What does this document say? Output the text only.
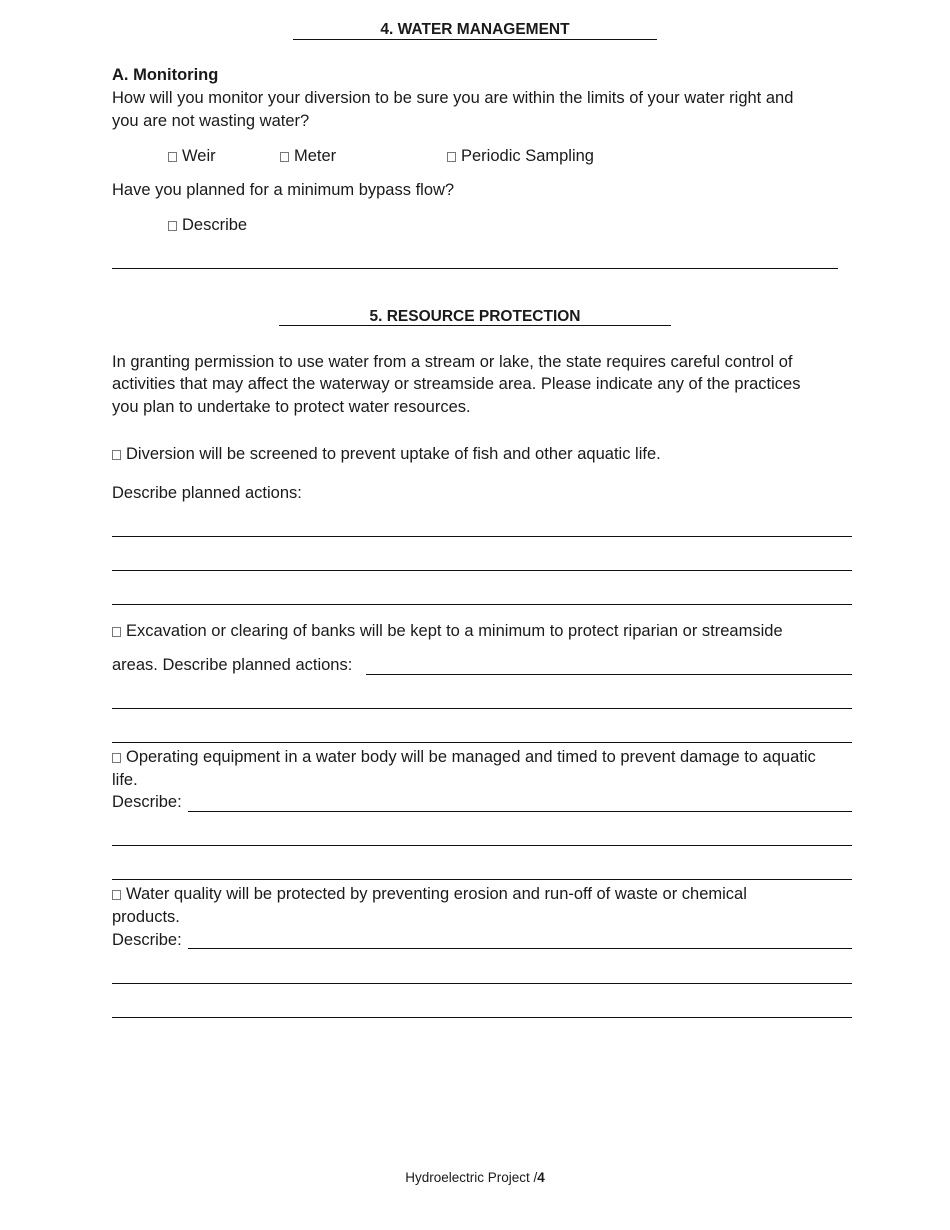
4. WATER MANAGEMENT
A. Monitoring
How will you monitor your diversion to be sure you are within the limits of your water right and
you are not wasting water?
Weir	Meter	Periodic Sampling
Have you planned for a minimum bypass flow?
Describe
5. RESOURCE PROTECTION
In granting permission to use water from a stream or lake, the state requires careful control of
activities that may affect the waterway or streamside area. Please indicate any of the practices
you plan to undertake to protect water resources.
Diversion will be screened to prevent uptake of fish and other aquatic life.
Describe planned actions:
Excavation or clearing of banks will be kept to a minimum to protect riparian or streamside
areas. Describe planned actions:
Operating equipment in a water body will be managed and timed to prevent damage to aquatic
life.
Describe:
Water quality will be protected by preventing erosion and run-off of waste or chemical
products.
Describe:
Hydroelectric Project /4
